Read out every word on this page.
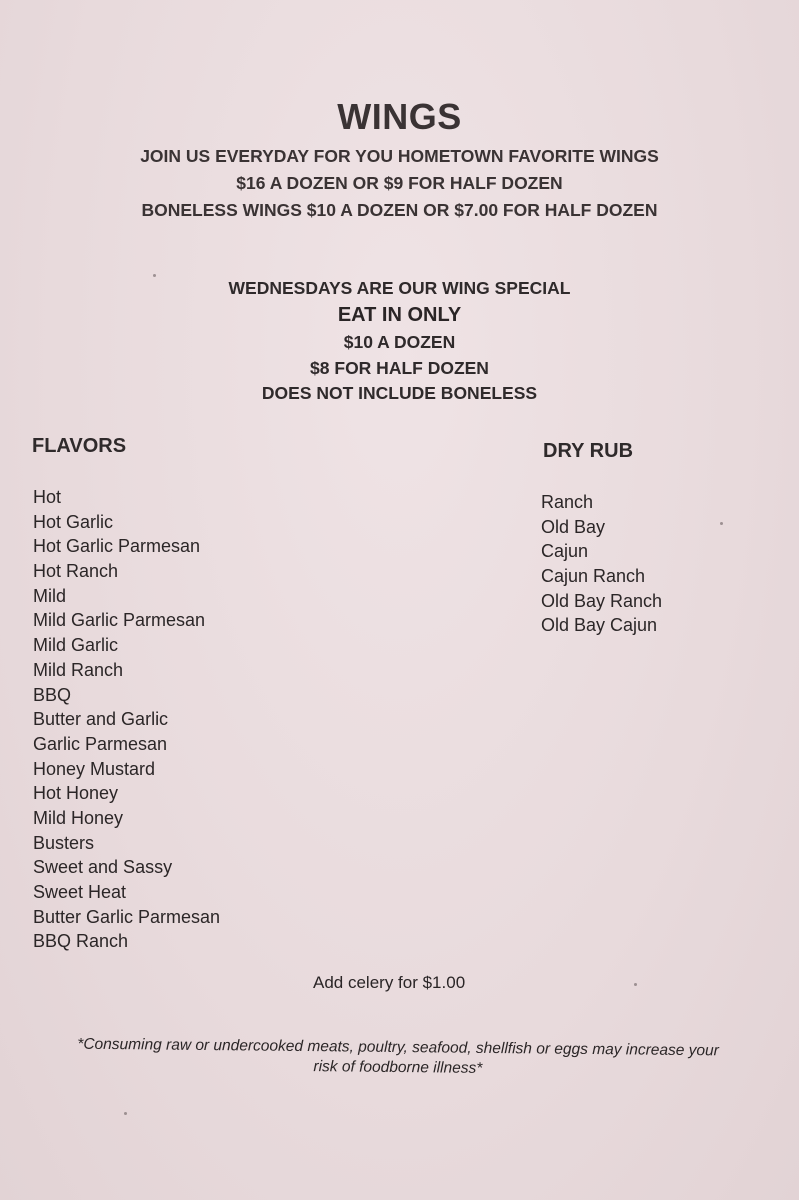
WINGS
JOIN US EVERYDAY FOR YOU HOMETOWN FAVORITE WINGS
$16 A DOZEN OR $9 FOR HALF DOZEN
BONELESS WINGS $10 A DOZEN OR $7.00 FOR HALF DOZEN
WEDNESDAYS ARE OUR WING SPECIAL
EAT IN ONLY
$10 A DOZEN
$8 FOR HALF DOZEN
DOES NOT INCLUDE BONELESS
FLAVORS
Hot
Hot Garlic
Hot Garlic Parmesan
Hot Ranch
Mild
Mild Garlic Parmesan
Mild Garlic
Mild Ranch
BBQ
Butter and Garlic
Garlic Parmesan
Honey Mustard
Hot Honey
Mild Honey
Busters
Sweet and Sassy
Sweet Heat
Butter Garlic Parmesan
BBQ Ranch
DRY RUB
Ranch
Old Bay
Cajun
Cajun Ranch
Old Bay Ranch
Old Bay Cajun
Add celery for $1.00
*Consuming raw or undercooked meats, poultry, seafood, shellfish or eggs may increase your
risk of foodborne illness*
